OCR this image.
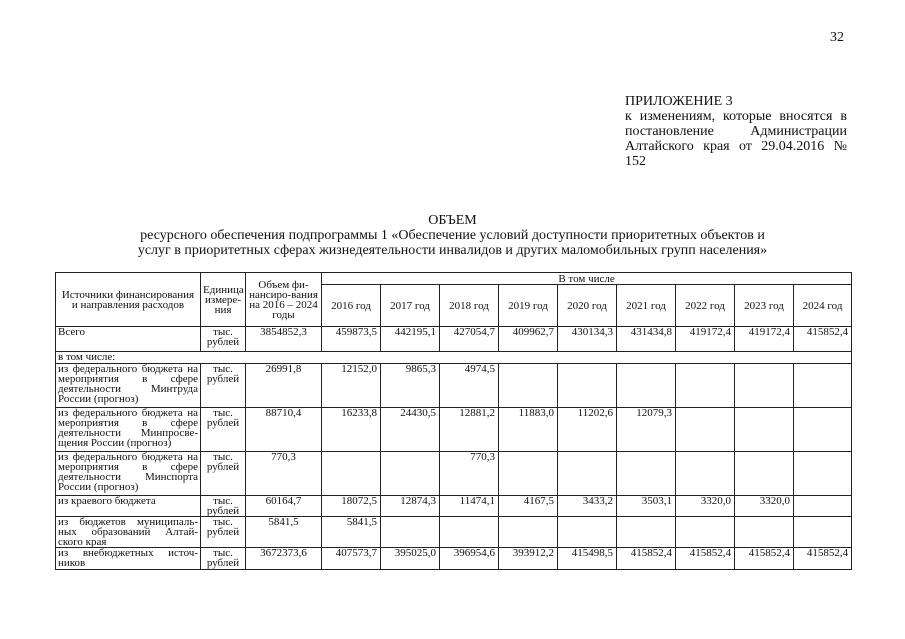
32
ПРИЛОЖЕНИЕ 3
к изменениям, которые вносятся в постановление Администрации Алтайского края от 29.04.2016 № 152
ОБЪЕМ
ресурсного обеспечения подпрограммы 1 «Обеспечение условий доступности приоритетных объектов и
услуг в приоритетных сферах жизнедеятельности инвалидов и других маломобильных групп населения»
Источники финансирования и направления расходов	Единица измере-ния	Объем фи-нансиро-вания на 2016 – 2024 годы	В том числе								
			2016 год	2017 год	2018 год	2019 год	2020 год	2021 год	2022 год	2023 год	2024 год
Всего	тыс. рублей	3854852,3	459873,5	442195,1	427054,7	409962,7	430134,3	431434,8	419172,4	419172,4	415852,4
в том числе:											
из федерального бюджета на мероприятия в сфере деятельности Минтруда России (прогноз)	тыс. рублей	26991,8	12152,0	9865,3	4974,5						
из федерального бюджета на мероприятия в сфере деятельности Минпросве-щения России (прогноз)	тыс. рублей	88710,4	16233,8	24430,5	12881,2	11883,0	11202,6	12079,3			
из федерального бюджета на мероприятия в сфере деятельности Минспорта России (прогноз)	тыс. рублей	770,3			770,3						
из краевого бюджета	тыс. рублей	60164,7	18072,5	12874,3	11474,1	4167,5	3433,2	3503,1	3320,0	3320,0	
из бюджетов муниципаль-ных образований Алтай-ского края	тыс. рублей	5841,5	5841,5								
из внебюджетных источ-ников	тыс. рублей	3672373,6	407573,7	395025,0	396954,6	393912,2	415498,5	415852,4	415852,4	415852,4	415852,4
